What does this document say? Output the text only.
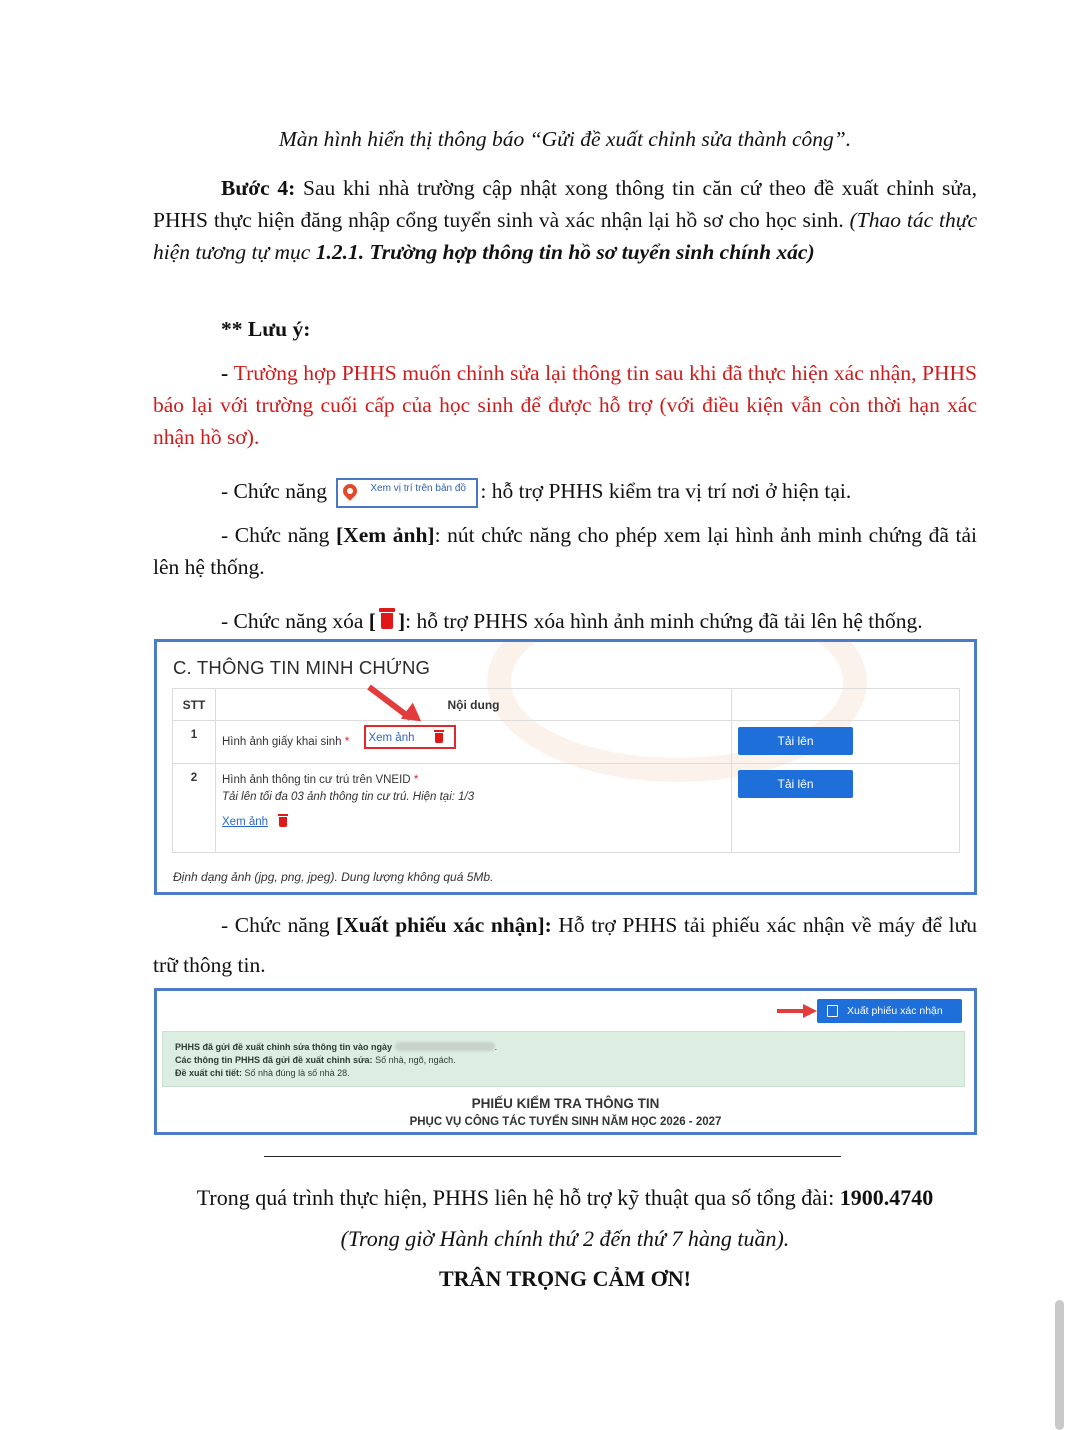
Màn hình hiển thị thông báo “Gửi đề xuất chỉnh sửa thành công”.
Bước 4: Sau khi nhà trường cập nhật xong thông tin căn cứ theo đề xuất chỉnh sửa, PHHS thực hiện đăng nhập cổng tuyển sinh và xác nhận lại hồ sơ cho học sinh. (Thao tác thực hiện tương tự mục 1.2.1. Trường hợp thông tin hồ sơ tuyển sinh chính xác)
** Lưu ý:
- Trường hợp PHHS muốn chỉnh sửa lại thông tin sau khi đã thực hiện xác nhận, PHHS báo lại với trường cuối cấp của học sinh để được hỗ trợ (với điều kiện vẫn còn thời hạn xác nhận hồ sơ).
- Chức năng	Xem vị trí trên bản đồ : hỗ trợ PHHS kiểm tra vị trí nơi ở hiện tại.
- Chức năng [Xem ảnh]: nút chức năng cho phép xem lại hình ảnh minh chứng đã tải lên hệ thống.
- Chức năng xóa [ ]: hỗ trợ PHHS xóa hình ảnh minh chứng đã tải lên hệ thống.
C. THÔNG TIN MINH CHỨNG
STT	Nội dung	

1	Hình ảnh giấy khai sinh * Xem ảnh	Tải lên

2	Hình ảnh thông tin cư trú trên VNEID *
Tải lên tối đa 03 ảnh thông tin cư trú. Hiện tại: 1/3
Xem ảnh	Tải lên
Định dạng ảnh (jpg, png, jpeg). Dung lượng không quá 5Mb.
- Chức năng [Xuất phiếu xác nhận]: Hỗ trợ PHHS tải phiếu xác nhận về máy để lưu trữ thông tin.
Xuất phiếu xác nhận
PHHS đã gửi đề xuất chỉnh sửa thông tin vào ngày	.
Các thông tin PHHS đã gửi đề xuất chỉnh sửa: Số nhà, ngõ, ngách.
Đề xuất chi tiết: Số nhà đúng là số nhà 28.
PHIẾU KIỂM TRA THÔNG TIN
PHỤC VỤ CÔNG TÁC TUYỂN SINH NĂM HỌC 2026 - 2027
Trong quá trình thực hiện, PHHS liên hệ hỗ trợ kỹ thuật qua số tổng đài: 1900.4740
(Trong giờ Hành chính thứ 2 đến thứ 7 hàng tuần).
TRÂN TRỌNG CẢM ƠN!
